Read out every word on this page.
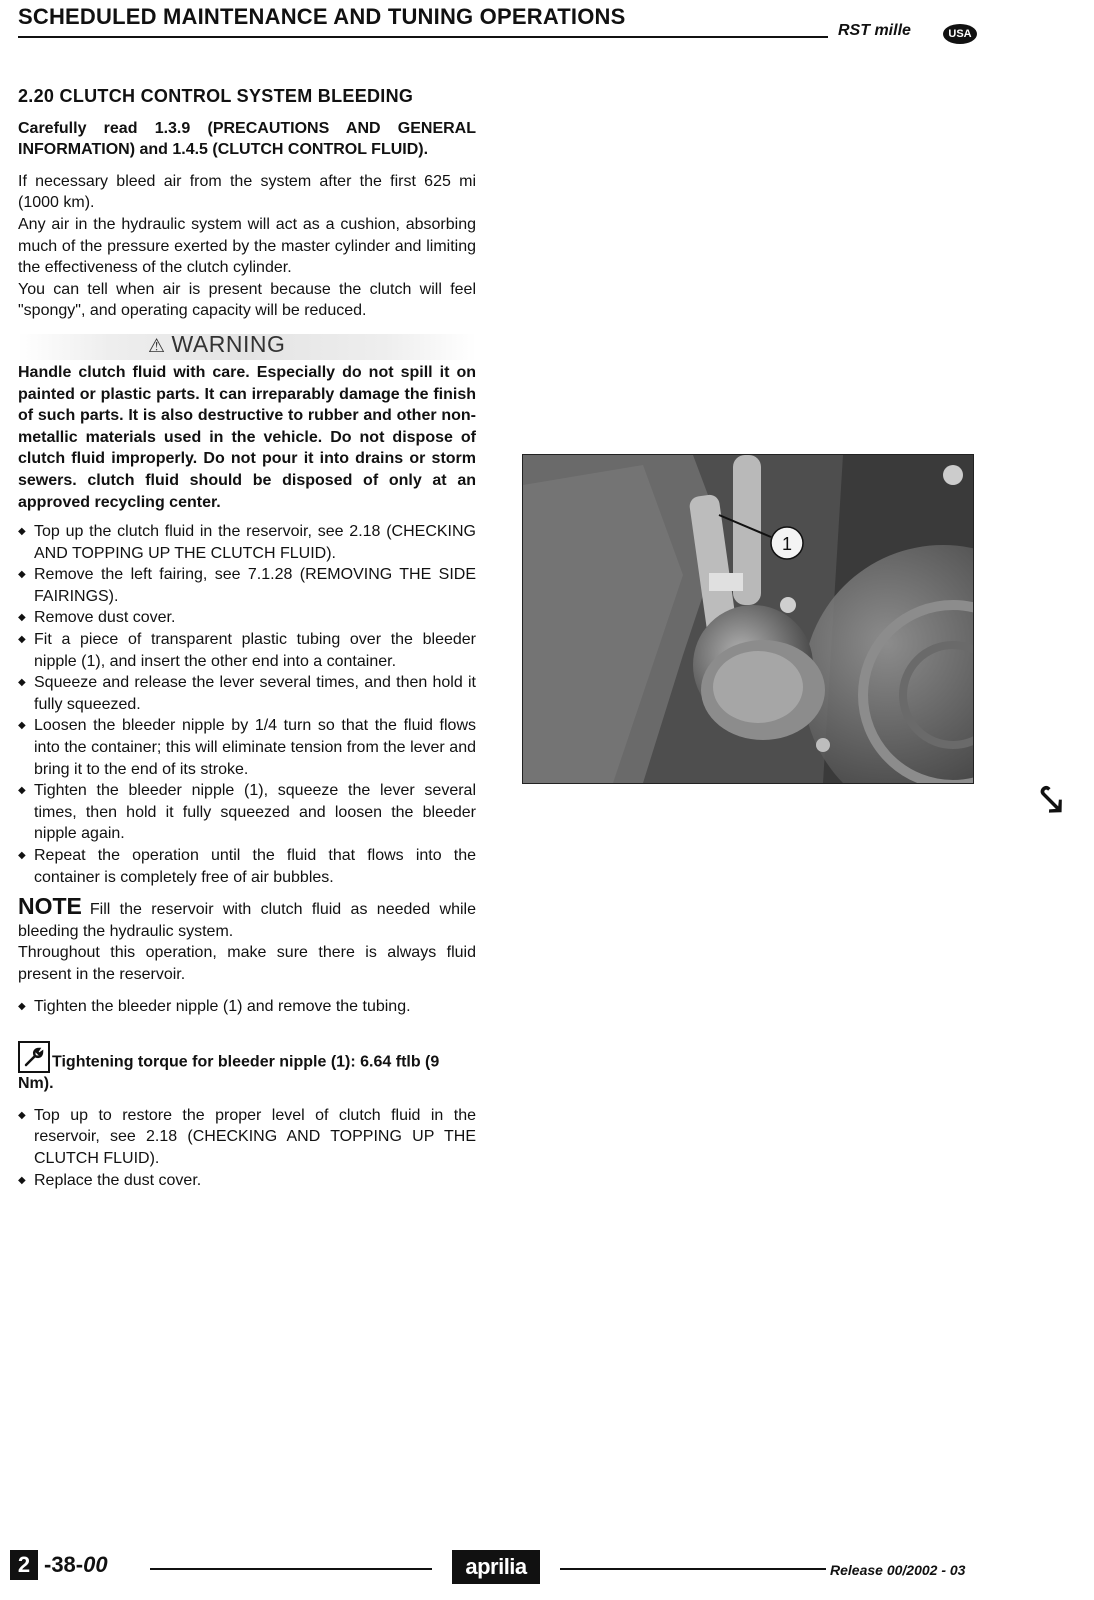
SCHEDULED MAINTENANCE AND TUNING OPERATIONS
RST mille	USA
2.20 CLUTCH CONTROL SYSTEM BLEEDING

Carefully read 1.3.9 (PRECAUTIONS AND GENERAL INFORMATION) and 1.4.5 (CLUTCH CONTROL FLUID).

If necessary bleed air from the system after the first 625 mi (1000 km).

Any air in the hydraulic system will act as a cushion, absorbing much of the pressure exerted by the master cylinder and limiting the effectiveness of the clutch cylinder.

You can tell when air is present because the clutch will feel "spongy", and operating capacity will be reduced.

⚠ WARNING

Handle clutch fluid with care. Especially do not spill it on painted or plastic parts. It can irreparably damage the finish of such parts. It is also destructive to rubber and other non-metallic materials used in the vehicle. Do not dispose of clutch fluid improperly. Do not pour it into drains or storm sewers. clutch fluid should be disposed of only at an approved recycling center.

◆ Top up the clutch fluid in the reservoir, see 2.18 (CHECKING AND TOPPING UP THE CLUTCH FLUID).
◆ Remove the left fairing, see 7.1.28 (REMOVING THE SIDE FAIRINGS).
◆ Remove dust cover.
◆ Fit a piece of transparent plastic tubing over the bleeder nipple (1), and insert the other end into a container.
◆ Squeeze and release the lever several times, and then hold it fully squeezed.
◆ Loosen the bleeder nipple by 1/4 turn so that the fluid flows into the container; this will eliminate tension from the lever and bring it to the end of its stroke.
◆ Tighten the bleeder nipple (1), squeeze the lever several times, then hold it fully squeezed and loosen the bleeder nipple again.
◆ Repeat the operation until the fluid that flows into the container is completely free of air bubbles.

NOTE Fill the reservoir with clutch fluid as needed while bleeding the hydraulic system.

Throughout this operation, make sure there is always fluid present in the reservoir.

◆ Tighten the bleeder nipple (1) and remove the tubing.
Tightening torque for bleeder nipple (1): 6.64 ftlb (9 Nm).
◆ Top up to restore the proper level of clutch fluid in the reservoir, see 2.18 (CHECKING AND TOPPING UP THE CLUTCH FLUID).
◆ Replace the dust cover.
1
⤥
2 -38-00	aprilia	Release 00/2002 - 03
